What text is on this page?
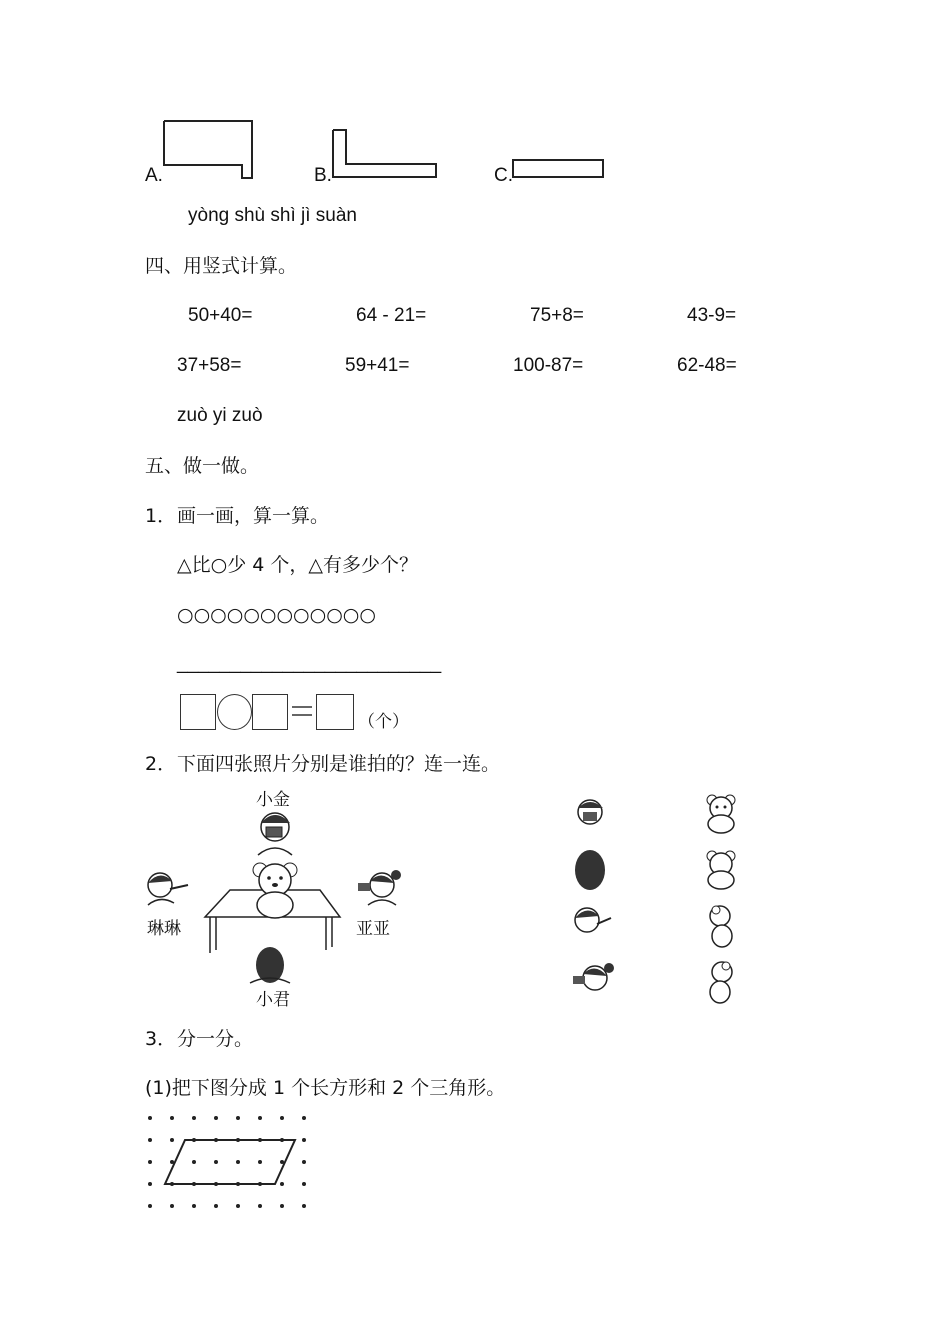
A.	B.	C.
yòng shù shì jì suàn
四、用竖式计算。
50+40=	64 - 21=	75+8=	43-9=
37+58=	59+41=	100-87=	62-48=
zuò yi zuò
五、做一做。
1． 画一画，算一算。
△比○少 4 个，△有多少个？
○○○○○○○○○○○○
_________________________
（个）
2． 下面四张照片分别是谁拍的？连一连。
小金
琳琳	亚亚
小君
3． 分一分。
(1)把下图分成 1 个长方形和 2 个三角形。
